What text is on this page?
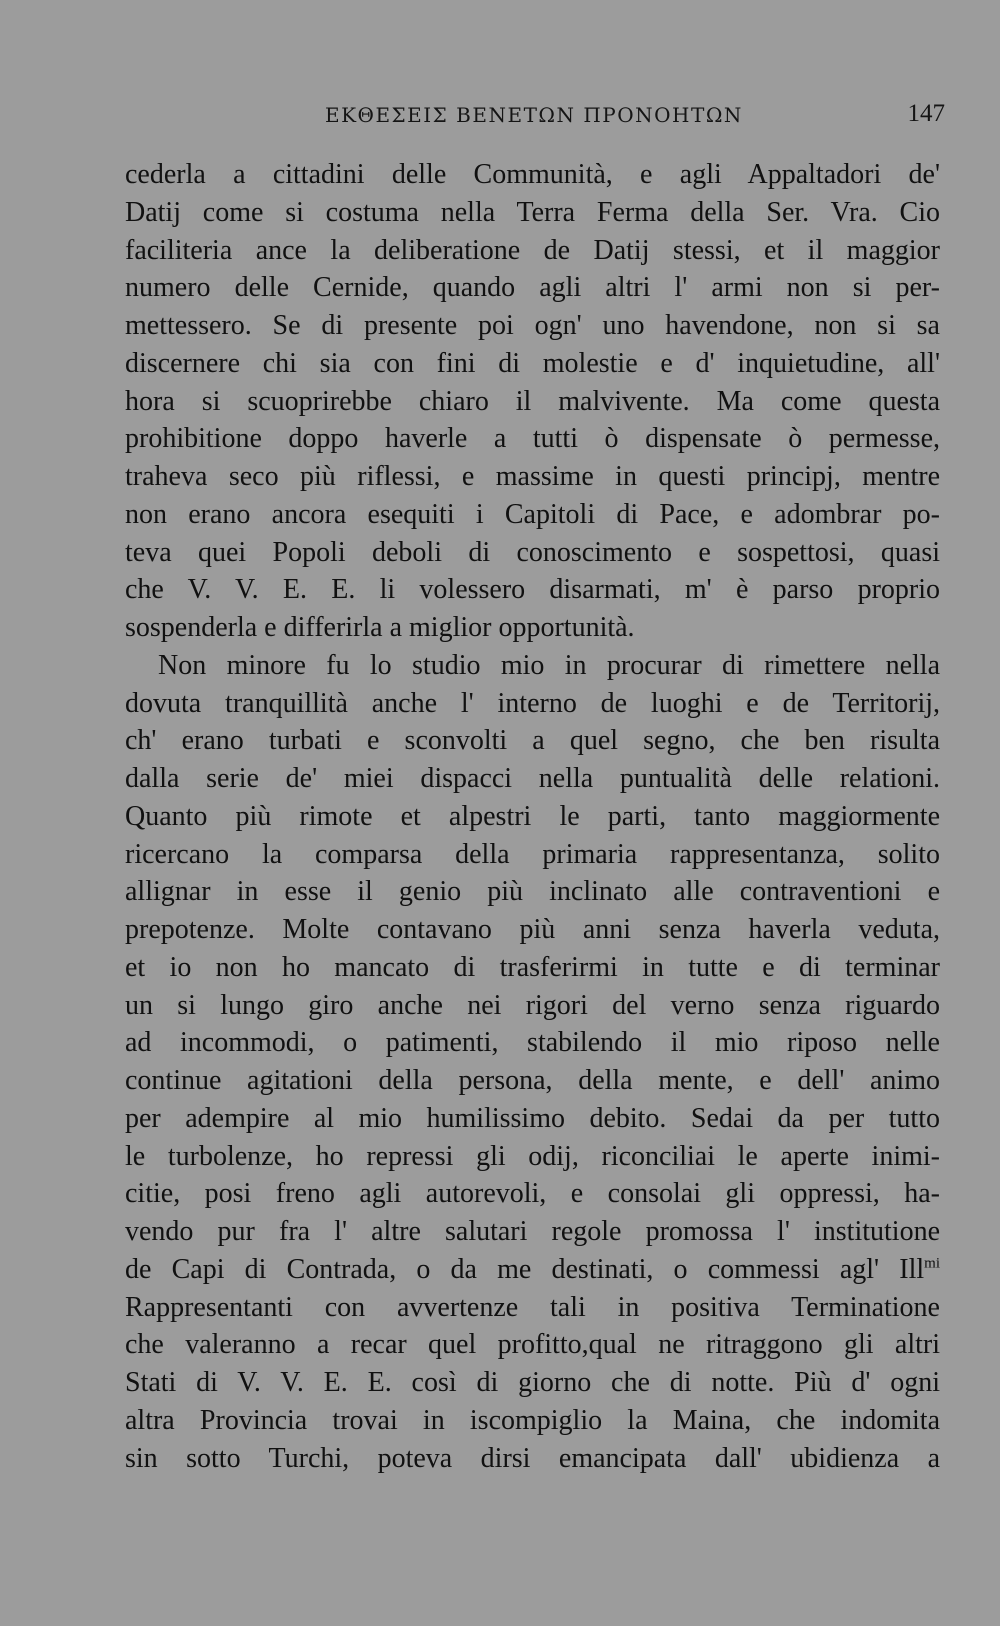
ΕΚΘΕΣΕΙΣ ΒΕΝΕΤΩΝ ΠΡΟΝΟΗΤΩΝ	147
cederla a cittadini delle Communità, e agli Appaltadori de'
Datij come si costuma nella Terra Ferma della Ser. Vra. Cio
faciliteria ance la deliberatione de Datij stessi, et il maggior
numero delle Cernide, quando agli altri l' armi non si per-
mettessero. Se di presente poi ogn' uno havendone, non si sa
discernere chi sia con fini di molestie e d' inquietudine, all'
hora si scuoprirebbe chiaro il malvivente. Ma come questa
prohibitione doppo haverle a tutti ò dispensate ò permesse,
traheva seco più riflessi, e massime in questi principj, mentre
non erano ancora esequiti i Capitoli di Pace, e adombrar po-
teva quei Popoli deboli di conoscimento e sospettosi, quasi
che V. V. E. E. li volessero disarmati, m' è parso proprio
sospenderla e differirla a miglior opportunità.
Non minore fu lo studio mio in procurar di rimettere nella
dovuta tranquillità anche l' interno de luoghi e de Territorij,
ch' erano turbati e sconvolti a quel segno, che ben risulta
dalla serie de' miei dispacci nella puntualità delle relationi.
Quanto più rimote et alpestri le parti, tanto maggiormente
ricercano la comparsa della primaria rappresentanza, solito
allignar in esse il genio più inclinato alle contraventioni e
prepotenze. Molte contavano più anni senza haverla veduta,
et io non ho mancato di trasferirmi in tutte e di terminar
un si lungo giro anche nei rigori del verno senza riguardo
ad incommodi, o patimenti, stabilendo il mio riposo nelle
continue agitationi della persona, della mente, e dell' animo
per adempire al mio humilissimo debito. Sedai da per tutto
le turbolenze, ho repressi gli odij, riconciliai le aperte inimi-
citie, posi freno agli autorevoli, e consolai gli oppressi, ha-
vendo pur fra l' altre salutari regole promossa l' institutione
de Capi di Contrada, o da me destinati, o commessi agl' Ill$^{mi}$
Rappresentanti con avvertenze tali in positiva Terminatione
che valeranno a recar quel profitto,qual ne ritraggono gli altri
Stati di V. V. E. E. così di giorno che di notte. Più d' ogni
altra Provincia trovai in iscompiglio la Maina, che indomita
sin sotto Turchi, poteva dirsi emancipata dall' ubidienza a
